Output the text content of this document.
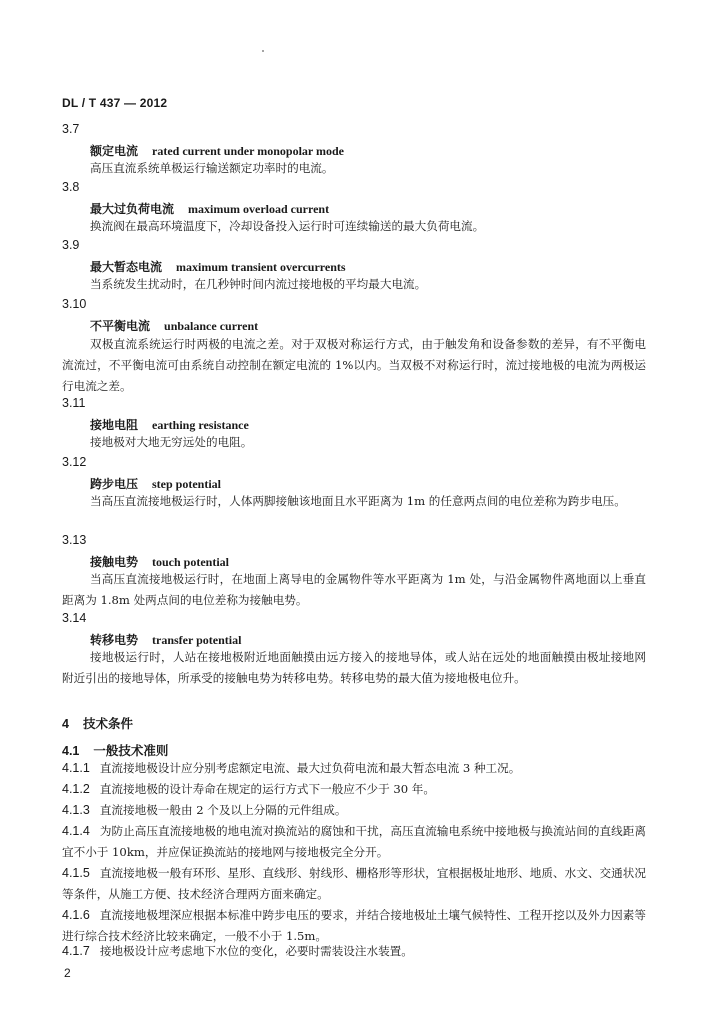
DL / T 437 — 2012
3.7
额定电流 rated current under monopolar mode
高压直流系统单极运行输送额定功率时的电流。
3.8
最大过负荷电流 maximum overload current
换流阀在最高环境温度下，冷却设备投入运行时可连续输送的最大负荷电流。
3.9
最大暂态电流 maximum transient overcurrents
当系统发生扰动时，在几秒钟时间内流过接地极的平均最大电流。
3.10
不平衡电流 unbalance current
双极直流系统运行时两极的电流之差。对于双极对称运行方式，由于触发角和设备参数的差异，有不平衡电流流过，不平衡电流可由系统自动控制在额定电流的 1%以内。当双极不对称运行时，流过接地极的电流为两极运行电流之差。
3.11
接地电阻 earthing resistance
接地极对大地无穷远处的电阻。
3.12
跨步电压 step potential
当高压直流接地极运行时，人体两脚接触该地面且水平距离为 1m 的任意两点间的电位差称为跨步电压。
3.13
接触电势 touch potential
当高压直流接地极运行时，在地面上离导电的金属物件等水平距离为 1m 处，与沿金属物件离地面以上垂直距离为 1.8m 处两点间的电位差称为接触电势。
3.14
转移电势 transfer potential
接地极运行时，人站在接地极附近地面触摸由远方接入的接地导体，或人站在远处的地面触摸由极址接地网附近引出的接地导体，所承受的接触电势为转移电势。转移电势的最大值为接地极电位升。
4 技术条件
4.1 一般技术准则
4.1.1 直流接地极设计应分别考虑额定电流、最大过负荷电流和最大暂态电流 3 种工况。
4.1.2 直流接地极的设计寿命在规定的运行方式下一般应不少于 30 年。
4.1.3 直流接地极一般由 2 个及以上分隔的元件组成。
4.1.4 为防止高压直流接地极的地电流对换流站的腐蚀和干扰，高压直流输电系统中接地极与换流站间的直线距离宜不小于 10km，并应保证换流站的接地网与接地极完全分开。
4.1.5 直流接地极一般有环形、星形、直线形、射线形、栅格形等形状，宜根据极址地形、地质、水文、交通状况等条件，从施工方便、技术经济合理两方面来确定。
4.1.6 直流接地极埋深应根据本标准中跨步电压的要求，并结合接地极址土壤气候特性、工程开挖以及外力因素等进行综合技术经济比较来确定，一般不小于 1.5m。
4.1.7 接地极设计应考虑地下水位的变化，必要时需装设注水装置。
2
